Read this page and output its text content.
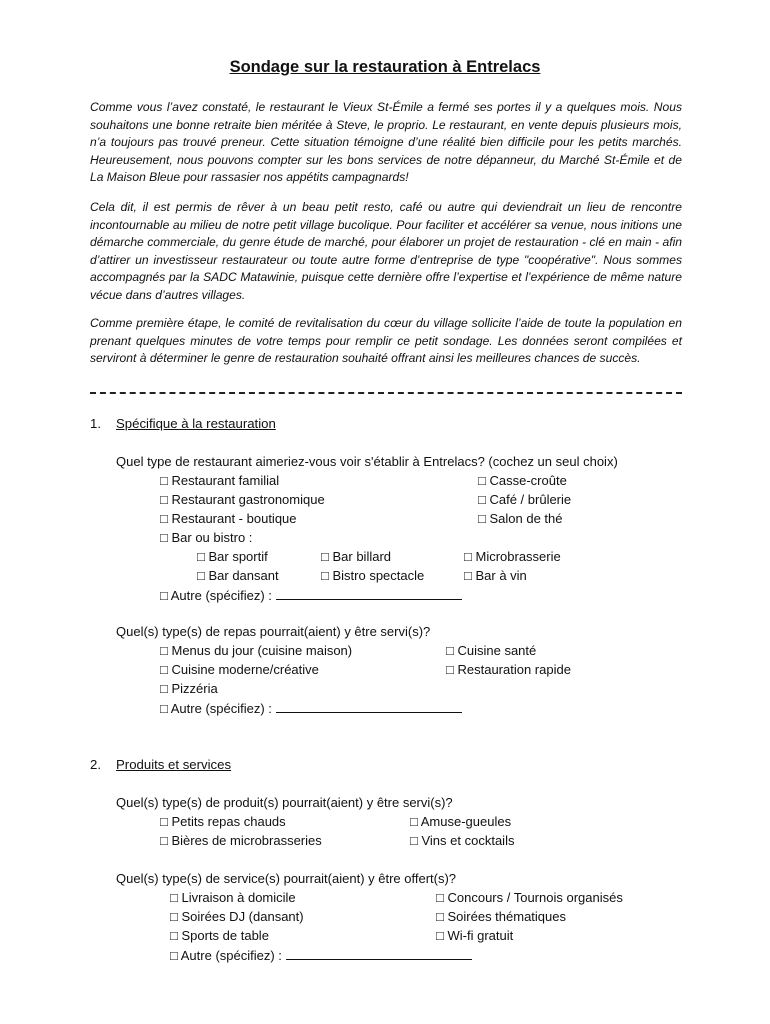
Sondage sur la restauration à Entrelacs

Comme vous l’avez constaté, le restaurant le Vieux St-Émile a fermé ses portes il y a quelques mois. Nous souhaitons une bonne retraite bien méritée à Steve, le proprio. Le restaurant, en vente depuis plusieurs mois, n’a toujours pas trouvé preneur. Cette situation témoigne d’une réalité bien difficile pour les petits marchés. Heureusement, nous pouvons compter sur les bons services de notre dépanneur, du Marché St-Émile et de La Maison Bleue pour rassasier nos appétits campagnards!

Cela dit, il est permis de rêver à un beau petit resto, café ou autre qui deviendrait un lieu de rencontre incontournable au milieu de notre petit village bucolique. Pour faciliter et accélérer sa venue, nous initions une démarche commerciale, du genre étude de marché, pour élaborer un projet de restauration - clé en main - afin d’attirer un investisseur restaurateur ou toute autre forme d’entreprise de type "coopérative". Nous sommes accompagnés par la SADC Matawinie, puisque cette dernière offre l’expertise et l’expérience de même nature vécue dans d’autres villages.

Comme première étape, le comité de revitalisation du cœur du village sollicite l’aide de toute la population en prenant quelques minutes de votre temps pour remplir ce petit sondage. Les données seront compilées et serviront à déterminer le genre de restauration souhaité offrant ainsi les meilleures chances de succès.

1. Spécifique à la restauration
Quel type de restaurant aimeriez-vous voir s'établir à Entrelacs? (cochez un seul choix)
□ Restaurant familial	□ Casse-croûte
□ Restaurant gastronomique	□ Café / brûlerie
□ Restaurant - boutique	□ Salon de thé
□ Bar ou bistro :
□ Bar sportif	□ Bar billard	□ Microbrasserie
□ Bar dansant	□ Bistro spectacle	□ Bar à vin
□ Autre (spécifiez) :
Quel(s) type(s) de repas pourrait(aient) y être servi(s)?
□ Menus du jour (cuisine maison)	□ Cuisine santé
□ Cuisine moderne/créative	□ Restauration rapide
□ Pizzéria
□ Autre (spécifiez) :
2. Produits et services
Quel(s) type(s) de produit(s) pourrait(aient) y être servi(s)?
□ Petits repas chauds	□ Amuse-gueules
□ Bières de microbrasseries	□ Vins et cocktails
Quel(s) type(s) de service(s) pourrait(aient) y être offert(s)?
□ Livraison à domicile	□ Concours / Tournois organisés
□ Soirées DJ (dansant)	□ Soirées thématiques
□ Sports de table	□ Wi-fi gratuit
□ Autre (spécifiez) :
